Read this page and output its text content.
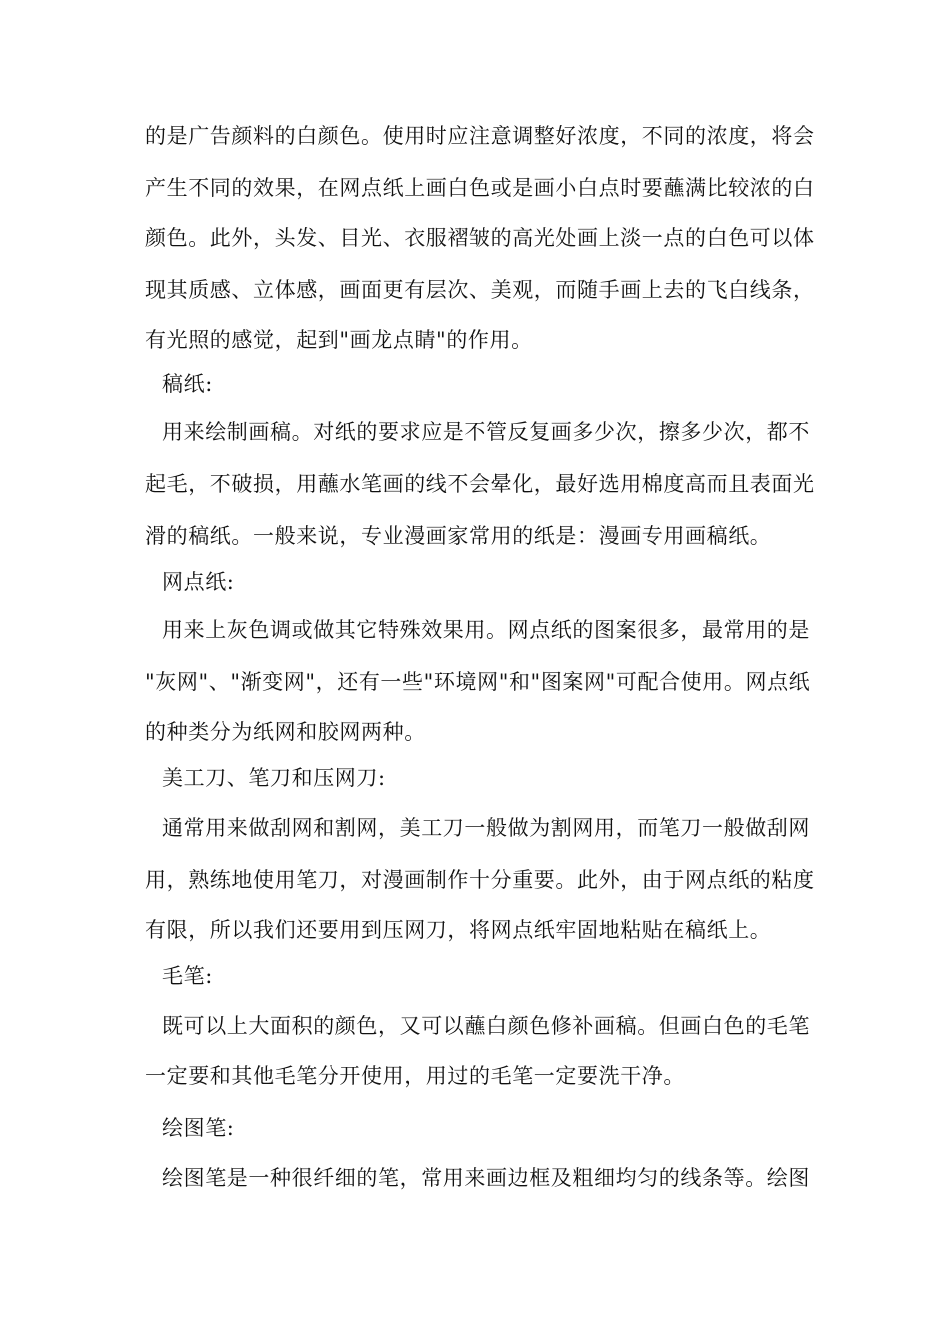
的是广告颜料的白颜色。使用时应注意调整好浓度，不同的浓度，将会
产生不同的效果，在网点纸上画白色或是画小白点时要蘸满比较浓的白
颜色。此外，头发、目光、衣服褶皱的高光处画上淡一点的白色可以体
现其质感、立体感，画面更有层次、美观，而随手画上去的飞白线条，
有光照的感觉，起到"画龙点睛"的作用。
稿纸:
用来绘制画稿。对纸的要求应是不管反复画多少次，擦多少次，都不
起毛，不破损，用蘸水笔画的线不会晕化，最好选用棉度高而且表面光
滑的稿纸。一般来说，专业漫画家常用的纸是：漫画专用画稿纸。
网点纸:
用来上灰色调或做其它特殊效果用。网点纸的图案很多，最常用的是
"灰网"、"渐变网"，还有一些"环境网"和"图案网"可配合使用。网点纸
的种类分为纸网和胶网两种。
美工刀、笔刀和压网刀:
通常用来做刮网和割网，美工刀一般做为割网用，而笔刀一般做刮网
用，熟练地使用笔刀，对漫画制作十分重要。此外，由于网点纸的粘度
有限，所以我们还要用到压网刀，将网点纸牢固地粘贴在稿纸上。
毛笔:
既可以上大面积的颜色，又可以蘸白颜色修补画稿。但画白色的毛笔
一定要和其他毛笔分开使用，用过的毛笔一定要洗干净。
绘图笔:
绘图笔是一种很纤细的笔，常用来画边框及粗细均匀的线条等。绘图
